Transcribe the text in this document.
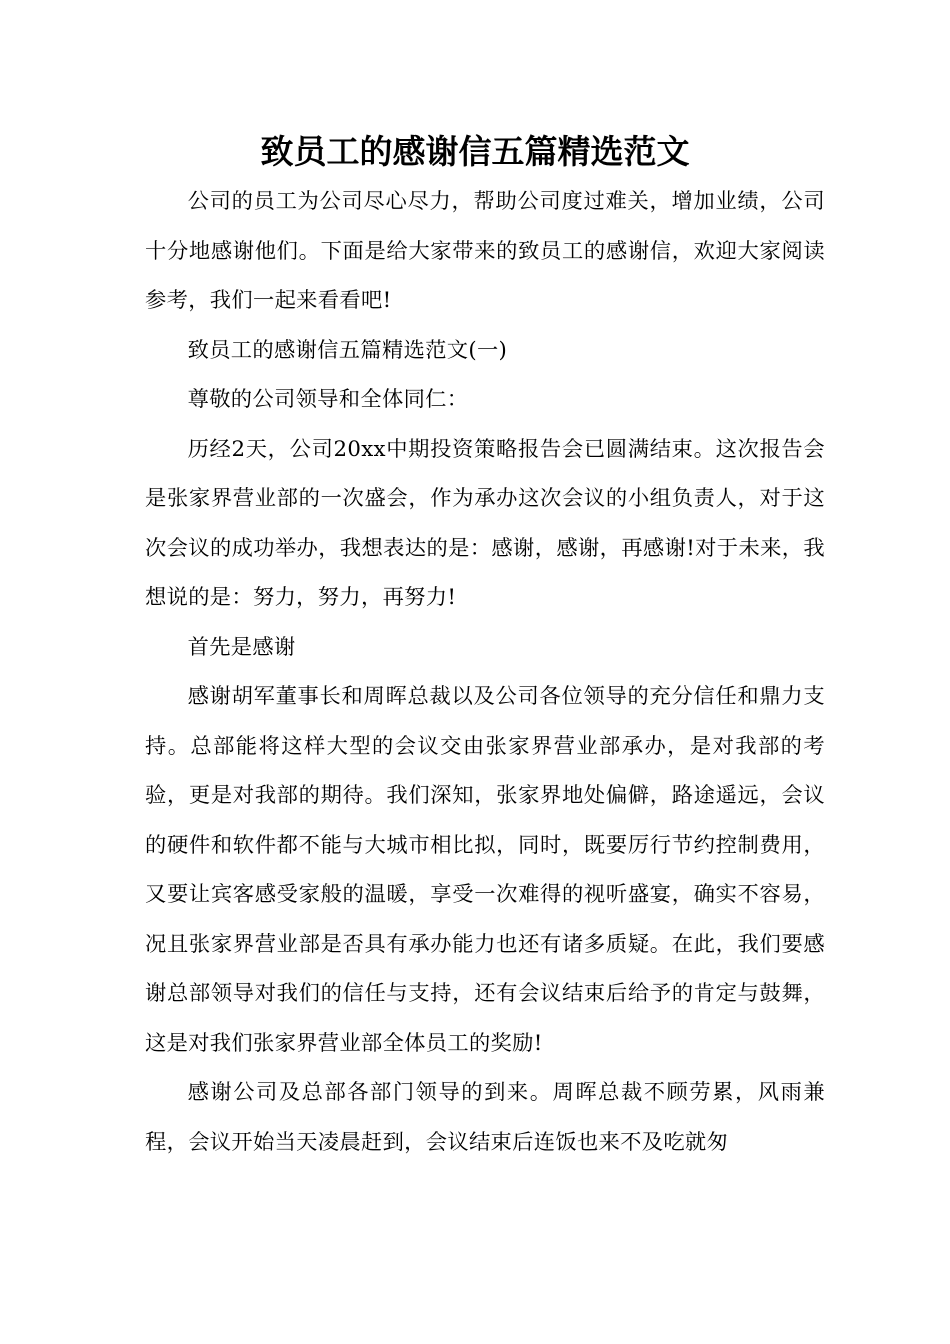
致员工的感谢信五篇精选范文

公司的员工为公司尽心尽力，帮助公司度过难关，增加业绩，公司十分地感谢他们。下面是给大家带来的致员工的感谢信，欢迎大家阅读参考，我们一起来看看吧!

致员工的感谢信五篇精选范文(一)

尊敬的公司领导和全体同仁：

历经2天，公司20xx中期投资策略报告会已圆满结束。这次报告会是张家界营业部的一次盛会，作为承办这次会议的小组负责人，对于这次会议的成功举办，我想表达的是：感谢，感谢，再感谢!对于未来，我想说的是：努力，努力，再努力!

首先是感谢

感谢胡军董事长和周晖总裁以及公司各位领导的充分信任和鼎力支持。总部能将这样大型的会议交由张家界营业部承办，是对我部的考验，更是对我部的期待。我们深知，张家界地处偏僻，路途遥远，会议的硬件和软件都不能与大城市相比拟，同时，既要厉行节约控制费用，又要让宾客感受家般的温暖，享受一次难得的视听盛宴，确实不容易，况且张家界营业部是否具有承办能力也还有诸多质疑。在此，我们要感谢总部领导对我们的信任与支持，还有会议结束后给予的肯定与鼓舞，这是对我们张家界营业部全体员工的奖励!

感谢公司及总部各部门领导的到来。周晖总裁不顾劳累，风雨兼程，会议开始当天凌晨赶到，会议结束后连饭也来不及吃就匆
